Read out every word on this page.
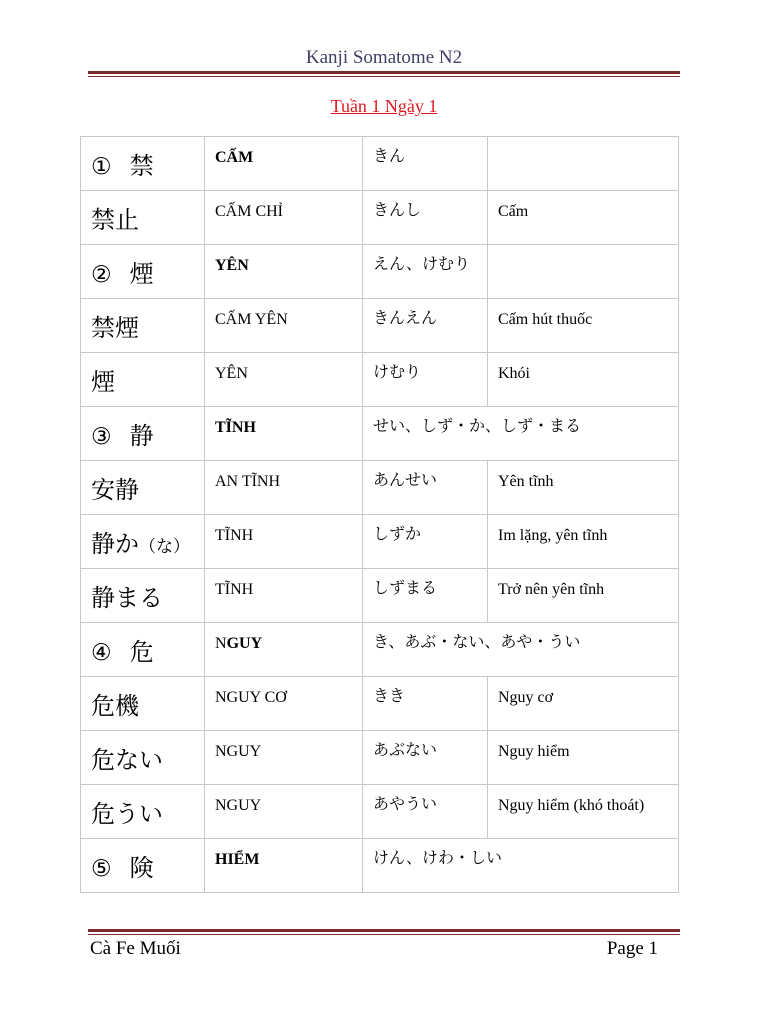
Kanji Somatome N2
Tuần 1 Ngày 1
① 禁	CẤM	きん	
禁止	CẤM CHỈ	きんし	Cấm
② 煙	YÊN	えん、けむり	
禁煙	CẤM YÊN	きんえん	Cấm hút thuốc
煙	YÊN	けむり	Khói
③ 静	TĨNH	せい、しず・か、しず・まる	
安静	AN TĨNH	あんせい	Yên tĩnh
静か（な）	TĨNH	しずか	Im lặng, yên tĩnh
静まる	TĨNH	しずまる	Trở nên yên tĩnh
④ 危	NGUY	き、あぶ・ない、あや・うい	
危機	NGUY CƠ	きき	Nguy cơ
危ない	NGUY	あぶない	Nguy hiểm
危うい	NGUY	あやうい	Nguy hiểm (khó thoát)
⑤ 険	HIỂM	けん、けわ・しい	
Cà Fe Muối	Page 1
